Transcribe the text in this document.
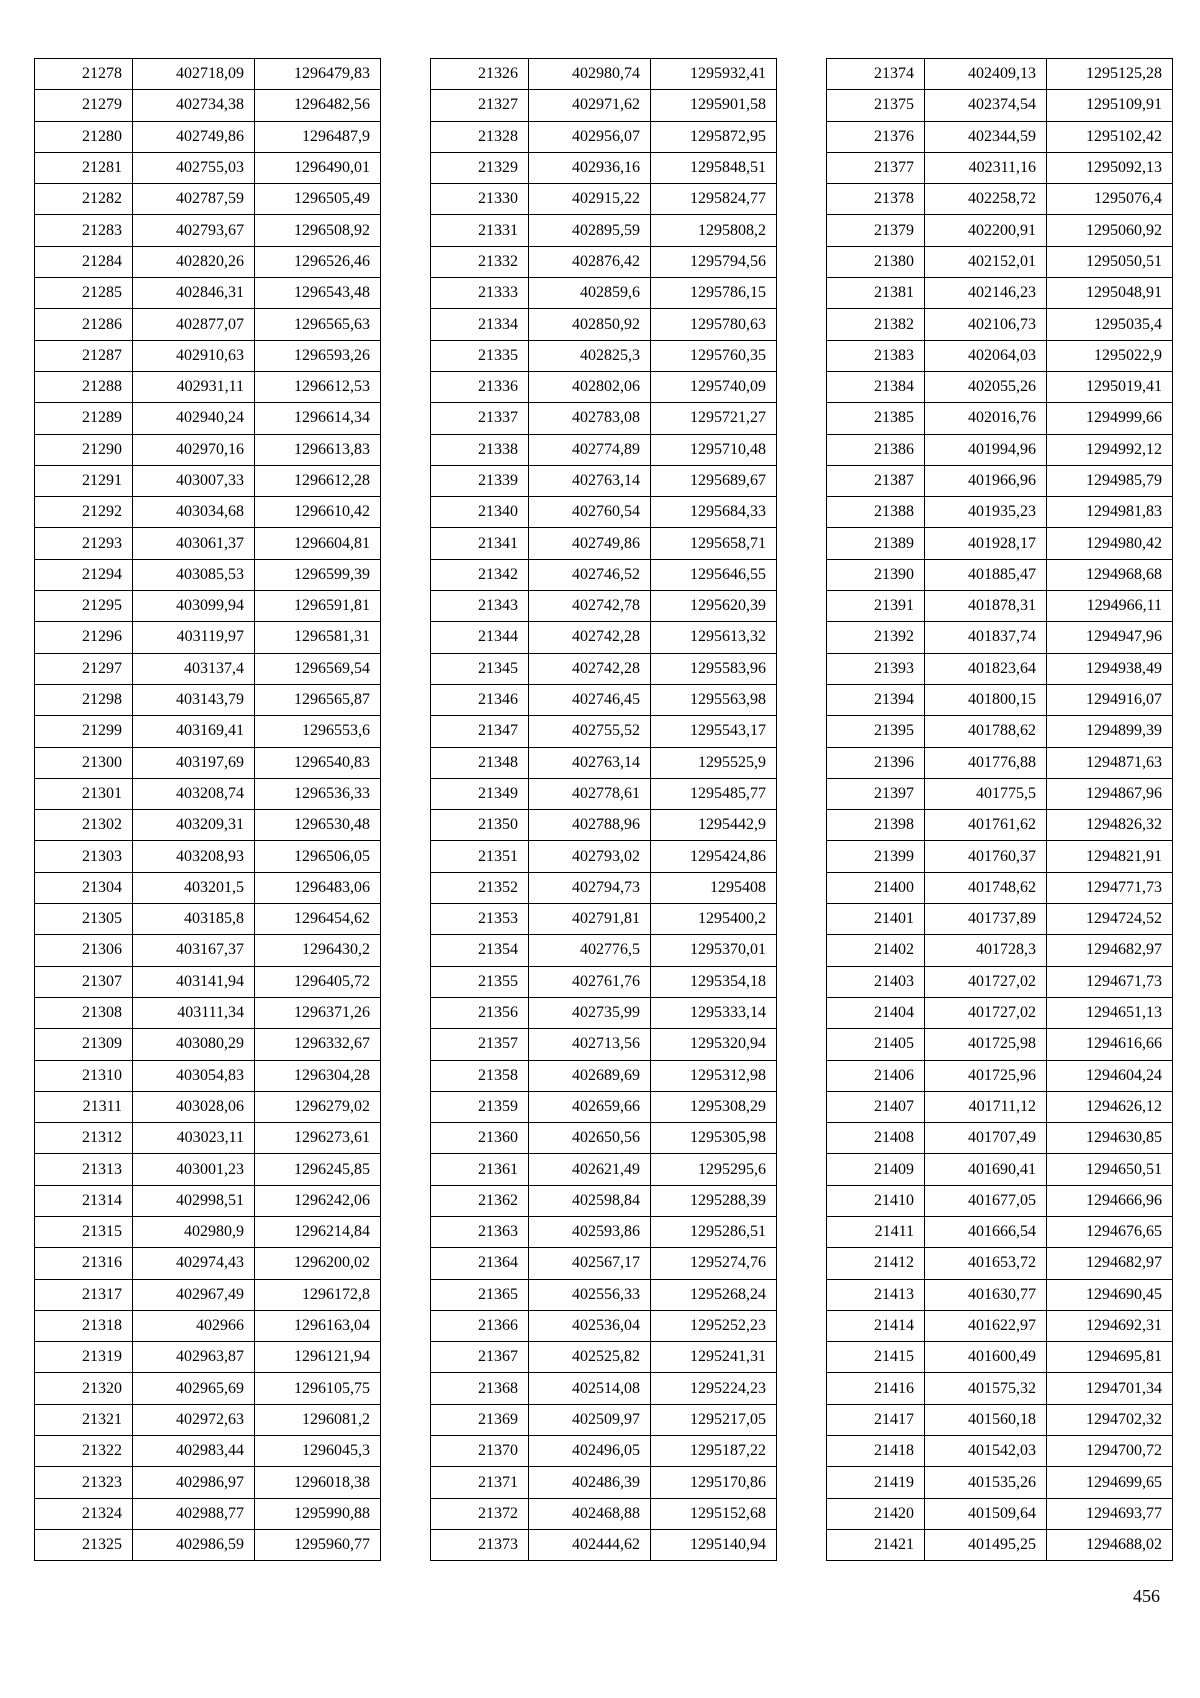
21278	402718,09	1296479,83
21279	402734,38	1296482,56
21280	402749,86	1296487,9
21281	402755,03	1296490,01
21282	402787,59	1296505,49
21283	402793,67	1296508,92
21284	402820,26	1296526,46
21285	402846,31	1296543,48
21286	402877,07	1296565,63
21287	402910,63	1296593,26
21288	402931,11	1296612,53
21289	402940,24	1296614,34
21290	402970,16	1296613,83
21291	403007,33	1296612,28
21292	403034,68	1296610,42
21293	403061,37	1296604,81
21294	403085,53	1296599,39
21295	403099,94	1296591,81
21296	403119,97	1296581,31
21297	403137,4	1296569,54
21298	403143,79	1296565,87
21299	403169,41	1296553,6
21300	403197,69	1296540,83
21301	403208,74	1296536,33
21302	403209,31	1296530,48
21303	403208,93	1296506,05
21304	403201,5	1296483,06
21305	403185,8	1296454,62
21306	403167,37	1296430,2
21307	403141,94	1296405,72
21308	403111,34	1296371,26
21309	403080,29	1296332,67
21310	403054,83	1296304,28
21311	403028,06	1296279,02
21312	403023,11	1296273,61
21313	403001,23	1296245,85
21314	402998,51	1296242,06
21315	402980,9	1296214,84
21316	402974,43	1296200,02
21317	402967,49	1296172,8
21318	402966	1296163,04
21319	402963,87	1296121,94
21320	402965,69	1296105,75
21321	402972,63	1296081,2
21322	402983,44	1296045,3
21323	402986,97	1296018,38
21324	402988,77	1295990,88
21325	402986,59	1295960,77
21326	402980,74	1295932,41
21327	402971,62	1295901,58
21328	402956,07	1295872,95
21329	402936,16	1295848,51
21330	402915,22	1295824,77
21331	402895,59	1295808,2
21332	402876,42	1295794,56
21333	402859,6	1295786,15
21334	402850,92	1295780,63
21335	402825,3	1295760,35
21336	402802,06	1295740,09
21337	402783,08	1295721,27
21338	402774,89	1295710,48
21339	402763,14	1295689,67
21340	402760,54	1295684,33
21341	402749,86	1295658,71
21342	402746,52	1295646,55
21343	402742,78	1295620,39
21344	402742,28	1295613,32
21345	402742,28	1295583,96
21346	402746,45	1295563,98
21347	402755,52	1295543,17
21348	402763,14	1295525,9
21349	402778,61	1295485,77
21350	402788,96	1295442,9
21351	402793,02	1295424,86
21352	402794,73	1295408
21353	402791,81	1295400,2
21354	402776,5	1295370,01
21355	402761,76	1295354,18
21356	402735,99	1295333,14
21357	402713,56	1295320,94
21358	402689,69	1295312,98
21359	402659,66	1295308,29
21360	402650,56	1295305,98
21361	402621,49	1295295,6
21362	402598,84	1295288,39
21363	402593,86	1295286,51
21364	402567,17	1295274,76
21365	402556,33	1295268,24
21366	402536,04	1295252,23
21367	402525,82	1295241,31
21368	402514,08	1295224,23
21369	402509,97	1295217,05
21370	402496,05	1295187,22
21371	402486,39	1295170,86
21372	402468,88	1295152,68
21373	402444,62	1295140,94
21374	402409,13	1295125,28
21375	402374,54	1295109,91
21376	402344,59	1295102,42
21377	402311,16	1295092,13
21378	402258,72	1295076,4
21379	402200,91	1295060,92
21380	402152,01	1295050,51
21381	402146,23	1295048,91
21382	402106,73	1295035,4
21383	402064,03	1295022,9
21384	402055,26	1295019,41
21385	402016,76	1294999,66
21386	401994,96	1294992,12
21387	401966,96	1294985,79
21388	401935,23	1294981,83
21389	401928,17	1294980,42
21390	401885,47	1294968,68
21391	401878,31	1294966,11
21392	401837,74	1294947,96
21393	401823,64	1294938,49
21394	401800,15	1294916,07
21395	401788,62	1294899,39
21396	401776,88	1294871,63
21397	401775,5	1294867,96
21398	401761,62	1294826,32
21399	401760,37	1294821,91
21400	401748,62	1294771,73
21401	401737,89	1294724,52
21402	401728,3	1294682,97
21403	401727,02	1294671,73
21404	401727,02	1294651,13
21405	401725,98	1294616,66
21406	401725,96	1294604,24
21407	401711,12	1294626,12
21408	401707,49	1294630,85
21409	401690,41	1294650,51
21410	401677,05	1294666,96
21411	401666,54	1294676,65
21412	401653,72	1294682,97
21413	401630,77	1294690,45
21414	401622,97	1294692,31
21415	401600,49	1294695,81
21416	401575,32	1294701,34
21417	401560,18	1294702,32
21418	401542,03	1294700,72
21419	401535,26	1294699,65
21420	401509,64	1294693,77
21421	401495,25	1294688,02
456
